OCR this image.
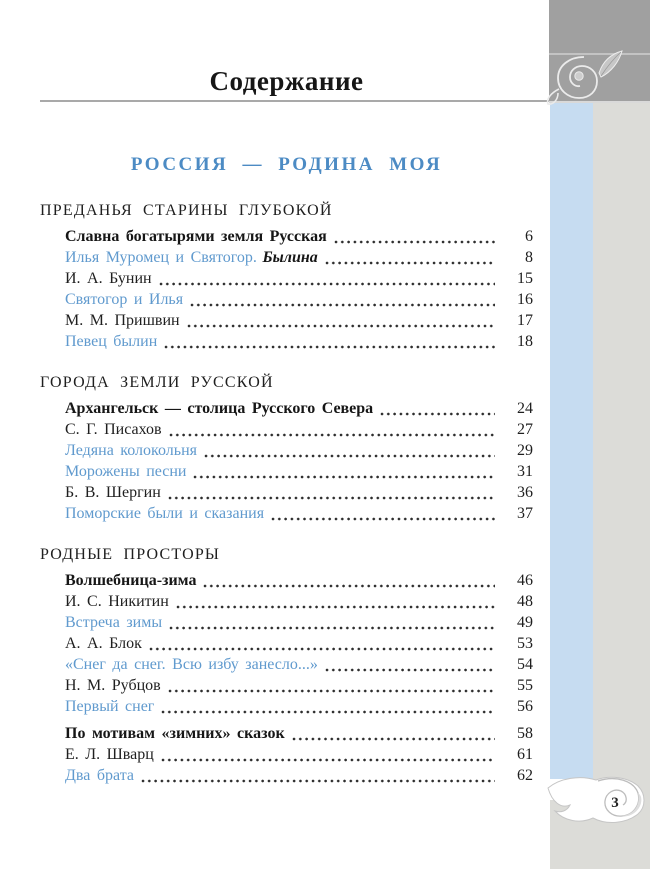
3
Содержание
РОССИЯ — РОДИНА МОЯ
ПРЕДАНЬЯ СТАРИНЫ ГЛУБОКОЙ
Славна богатырями земля Русская	6
Илья Муромец и Святогор. Былина	8
И. А. Бунин	15
Святогор и Илья	16
М. М. Пришвин	17
Певец былин	18
ГОРОДА ЗЕМЛИ РУССКОЙ
Архангельск — столица Русского Севера	24
С. Г. Писахов	27
Ледяна колокольня	29
Морожены песни	31
Б. В. Шергин	36
Поморские были и сказания	37
РОДНЫЕ ПРОСТОРЫ
Волшебница-зима	46
И. С. Никитин	48
Встреча зимы	49
А. А. Блок	53
«Снег да снег. Всю избу занесло...»	54
Н. М. Рубцов	55
Первый снег	56
По мотивам «зимних» сказок	58
Е. Л. Шварц	61
Два брата	62
